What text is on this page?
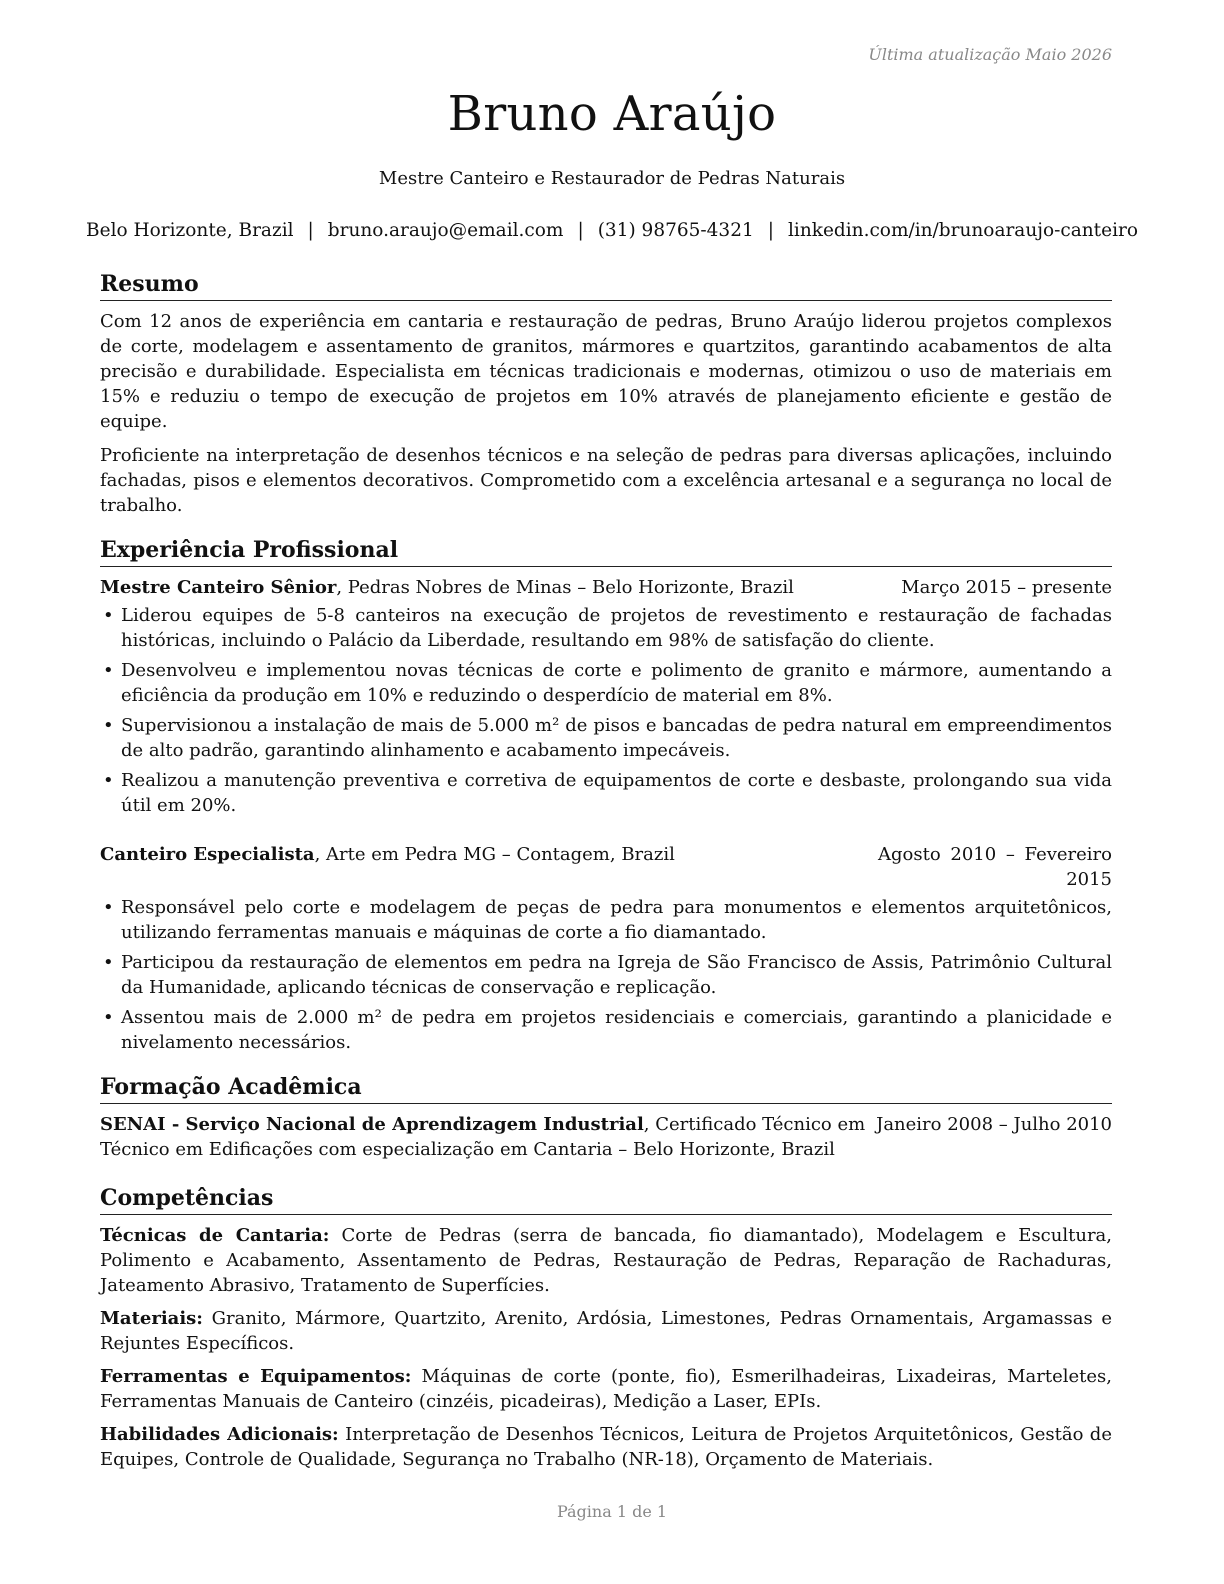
Última atualização Maio 2026
Bruno Araújo
Mestre Canteiro e Restaurador de Pedras Naturais
Belo Horizonte, Brazil | bruno.araujo@email.com | (31) 98765-4321 | linkedin.com/in/brunoaraujo-canteiro
Resumo

Com 12 anos de experiência em cantaria e restauração de pedras, Bruno Araújo liderou projetos complexos de corte, modelagem e assentamento de granitos, mármores e quartzitos, garantindo acabamentos de alta precisão e durabilidade. Especialista em técnicas tradicionais e modernas, otimizou o uso de materiais em 15% e reduziu o tempo de execução de projetos em 10% através de planejamento eficiente e gestão de equipe.

Proficiente na interpretação de desenhos técnicos e na seleção de pedras para diversas aplicações, incluindo fachadas, pisos e elementos decorativos. Comprometido com a excelência artesanal e a segurança no local de trabalho.

Experiência Profissional
Mestre Canteiro Sênior, Pedras Nobres de Minas – Belo Horizonte, Brazil	Março 2015 – presente
• Liderou equipes de 5-8 canteiros na execução de projetos de revestimento e restauração de fachadas históricas, incluindo o Palácio da Liberdade, resultando em 98% de satisfação do cliente.
• Desenvolveu e implementou novas técnicas de corte e polimento de granito e mármore, aumentando a eficiência da produção em 10% e reduzindo o desperdício de material em 8%.
• Supervisionou a instalação de mais de 5.000 m² de pisos e bancadas de pedra natural em empreendimentos de alto padrão, garantindo alinhamento e acabamento impecáveis.
• Realizou a manutenção preventiva e corretiva de equipamentos de corte e desbaste, prolongando sua vida útil em 20%.
Canteiro Especialista, Arte em Pedra MG – Contagem, Brazil	Agosto 2010 – Fevereiro 2015
• Responsável pelo corte e modelagem de peças de pedra para monumentos e elementos arquitetônicos, utilizando ferramentas manuais e máquinas de corte a fio diamantado.
• Participou da restauração de elementos em pedra na Igreja de São Francisco de Assis, Patrimônio Cultural da Humanidade, aplicando técnicas de conservação e replicação.
• Assentou mais de 2.000 m² de pedra em projetos residenciais e comerciais, garantindo a planicidade e nivelamento necessários.
Formação Acadêmica
SENAI - Serviço Nacional de Aprendizagem Industrial, Certificado Técnico em Técnico em Edificações com especialização em Cantaria – Belo Horizonte, Brazil
Janeiro 2008 – Julho 2010
Competências
Técnicas de Cantaria: Corte de Pedras (serra de bancada, fio diamantado), Modelagem e Escultura, Polimento e Acabamento, Assentamento de Pedras, Restauração de Pedras, Reparação de Rachaduras, Jateamento Abrasivo, Tratamento de Superfícies.
Materiais: Granito, Mármore, Quartzito, Arenito, Ardósia, Limestones, Pedras Ornamentais, Argamassas e Rejuntes Específicos.
Ferramentas e Equipamentos: Máquinas de corte (ponte, fio), Esmerilhadeiras, Lixadeiras, Marteletes, Ferramentas Manuais de Canteiro (cinzéis, picadeiras), Medição a Laser, EPIs.
Habilidades Adicionais: Interpretação de Desenhos Técnicos, Leitura de Projetos Arquitetônicos, Gestão de Equipes, Controle de Qualidade, Segurança no Trabalho (NR-18), Orçamento de Materiais.
Página 1 de 1
